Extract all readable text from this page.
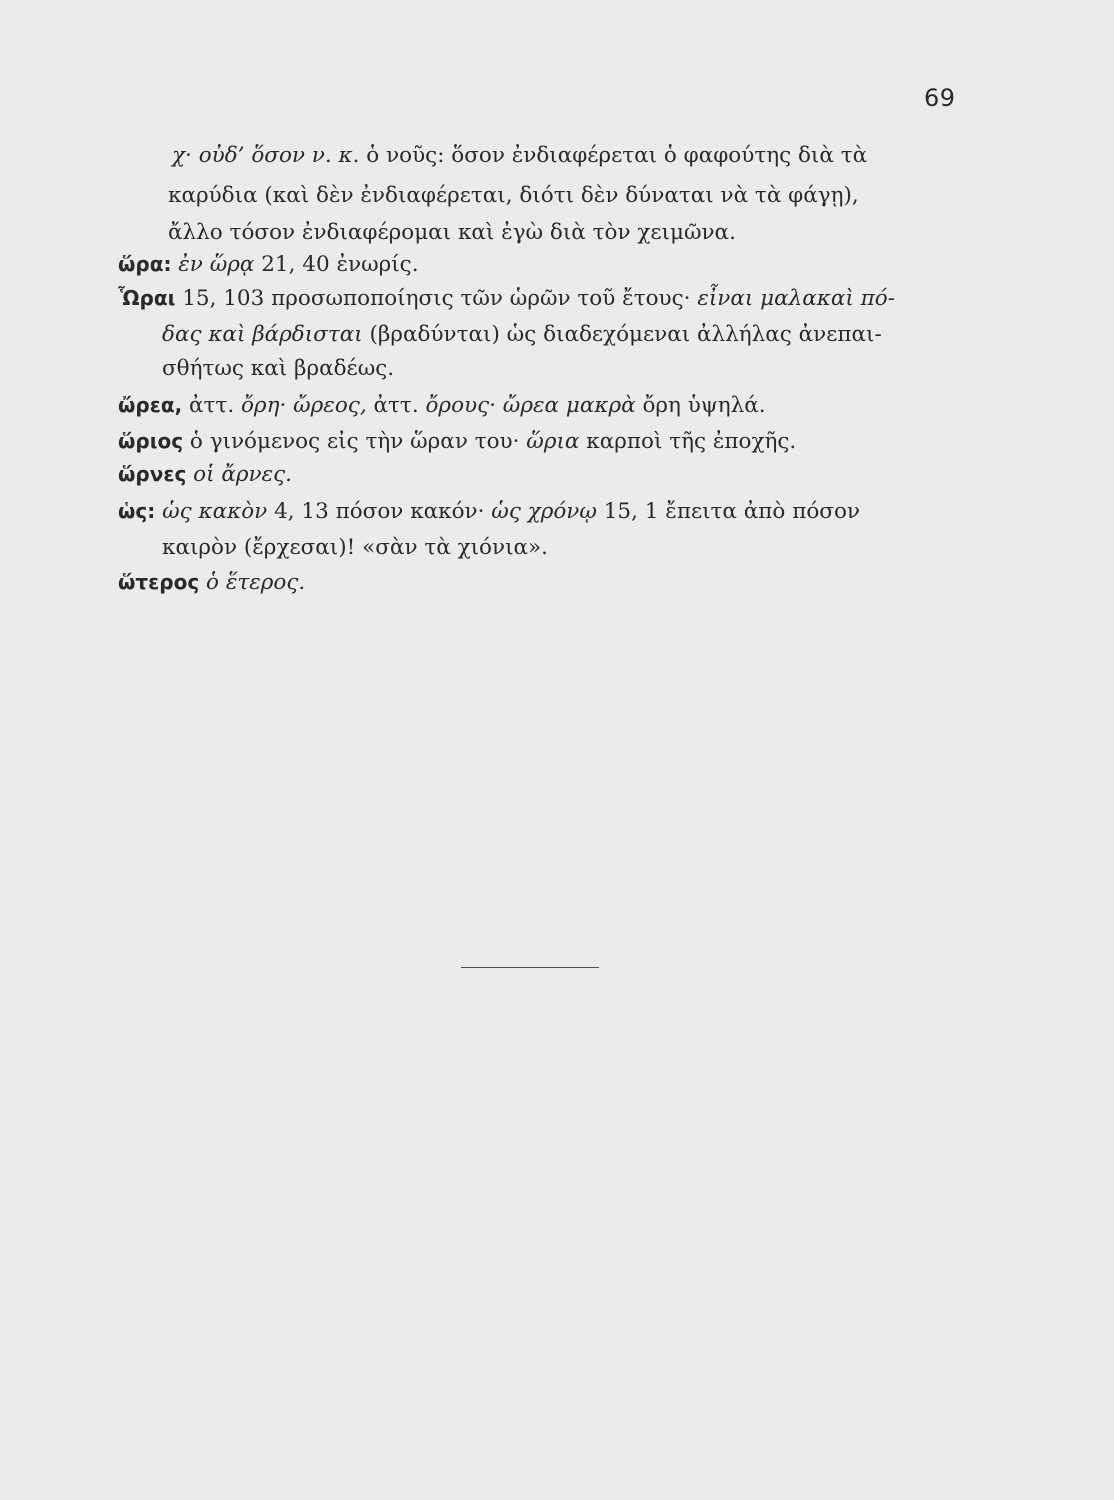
69
χ· οὐδ’ ὅσον ν. κ. ὁ νοῦς: ὅσον ἐνδιαφέρεται ὁ φαφούτης διὰ τὰ
καρύδια (καὶ δὲν ἐνδιαφέρεται, διότι δὲν δύναται νὰ τὰ φάγῃ),
ἄλλο τόσον ἐνδιαφέρομαι καὶ ἐγὼ διὰ τὸν χειμῶνα.
ὥρα: ἐν ὥρᾳ 21, 40 ἐνωρίς.
Ὧραι 15, 103 προσωποποίησις τῶν ὡρῶν τοῦ ἔτους· εἶναι μαλακαὶ πό-
δας καὶ βάρδισται (βραδύνται) ὡς διαδεχόμεναι ἀλλήλας ἀνεπαι-
σθήτως καὶ βραδέως.
ὤρεα, ἀττ. ὄρη· ὤρεος, ἀττ. ὄρους· ὤρεα μακρὰ ὄρη ὑψηλά.
ὥριος ὁ γινόμενος εἰς τὴν ὥραν του· ὥρια καρποὶ τῆς ἐποχῆς.
ὥρνες οἱ ἄρνες.
ὡς: ὡς κακὸν 4, 13 πόσον κακόν· ὡς χρόνῳ 15, 1 ἔπειτα ἀπὸ πόσον
καιρὸν (ἔρχεσαι)! «σὰν τὰ χιόνια».
ὥτερος ὁ ἕτερος.
